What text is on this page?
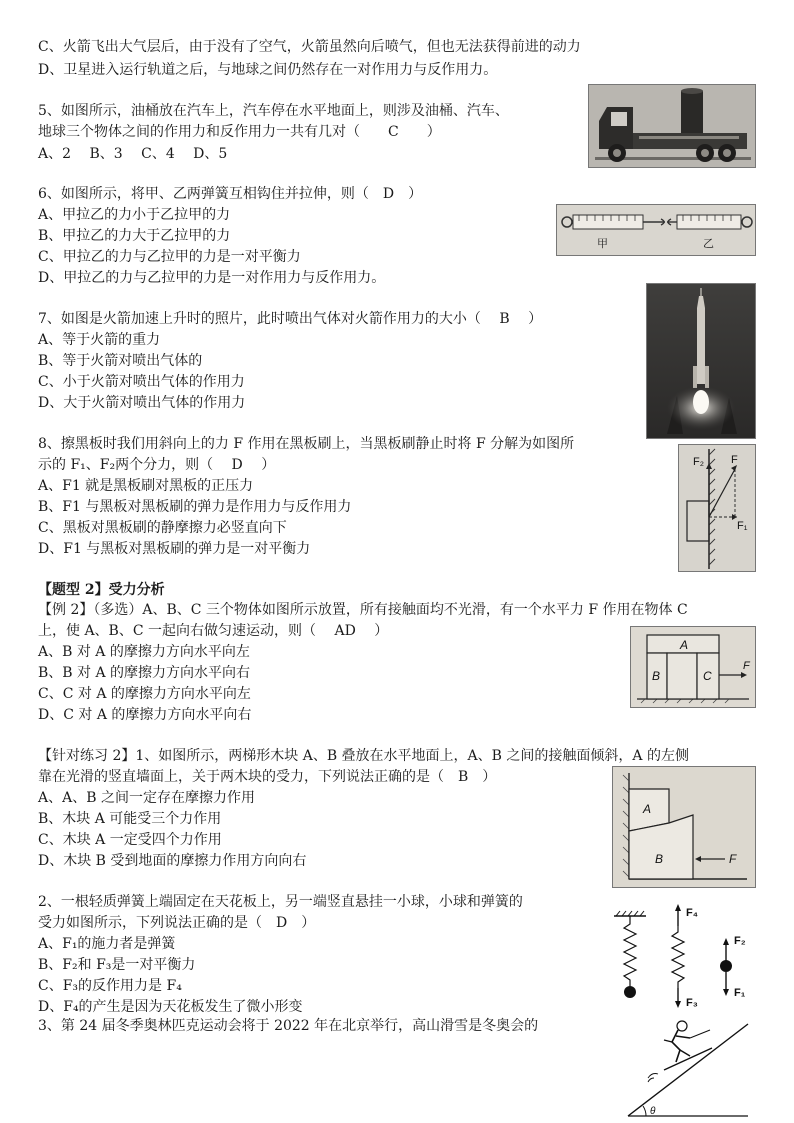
C、火箭飞出大气层后，由于没有了空气，火箭虽然向后喷气，但也无法获得前进的动力
D、卫星进入运行轨道之后，与地球之间仍然存在一对作用力与反作用力。
5、如图所示，油桶放在汽车上，汽车停在水平地面上，则涉及油桶、汽车、
地球三个物体之间的作用力和反作用力一共有几对（　　C　　）
A、2　 B、3　 C、4　 D、5
6、如图所示，将甲、乙两弹簧互相钩住并拉伸，则（　D　）
A、甲拉乙的力小于乙拉甲的力
B、甲拉乙的力大于乙拉甲的力
C、甲拉乙的力与乙拉甲的力是一对平衡力
D、甲拉乙的力与乙拉甲的力是一对作用力与反作用力。
7、如图是火箭加速上升时的照片，此时喷出气体对火箭作用力的大小（　 B　 ）
A、等于火箭的重力
B、等于火箭对喷出气体的
C、小于火箭对喷出气体的作用力
D、大于火箭对喷出气体的作用力
8、擦黑板时我们用斜向上的力 F 作用在黑板刷上，当黑板刷静止时将 F 分解为如图所
示的 F₁、F₂两个分力，则（　 D　 ）
A、F1 就是黑板刷对黑板的正压力
B、F1 与黑板对黑板刷的弹力是作用力与反作用力
C、黑板对黑板刷的静摩擦力必竖直向下
D、F1 与黑板对黑板刷的弹力是一对平衡力
【题型 2】受力分析
【例 2】（多选）A、B、C 三个物体如图所示放置，所有接触面均不光滑，有一个水平力 F 作用在物体 C
上，使 A、B、C 一起向右做匀速运动，则（　 AD　 ）
A、B 对 A 的摩擦力方向水平向左
B、B 对 A 的摩擦力方向水平向右
C、C 对 A 的摩擦力方向水平向左
D、C 对 A 的摩擦力方向水平向右
【针对练习 2】1、如图所示，两梯形木块 A、B 叠放在水平地面上，A、B 之间的接触面倾斜，A 的左侧
靠在光滑的竖直墙面上，关于两木块的受力，下列说法正确的是（　B　）
A、A、B 之间一定存在摩擦力作用
B、木块 A 可能受三个力作用
C、木块 A 一定受四个力作用
D、木块 B 受到地面的摩擦力作用方向向右
2、一根轻质弹簧上端固定在天花板上，另一端竖直悬挂一小球，小球和弹簧的
受力如图所示，下列说法正确的是（　D　）
A、F₁的施力者是弹簧
B、F₂和 F₃是一对平衡力
C、F₃的反作用力是 F₄
D、F₄的产生是因为天花板发生了微小形变
3、第 24 届冬季奥林匹克运动会将于 2022 年在北京举行，高山滑雪是冬奥会的
甲	乙
F₂ F
F₁
A
B	C
F
A
B	F
F₄
F₃
F₂
F₁
θ
